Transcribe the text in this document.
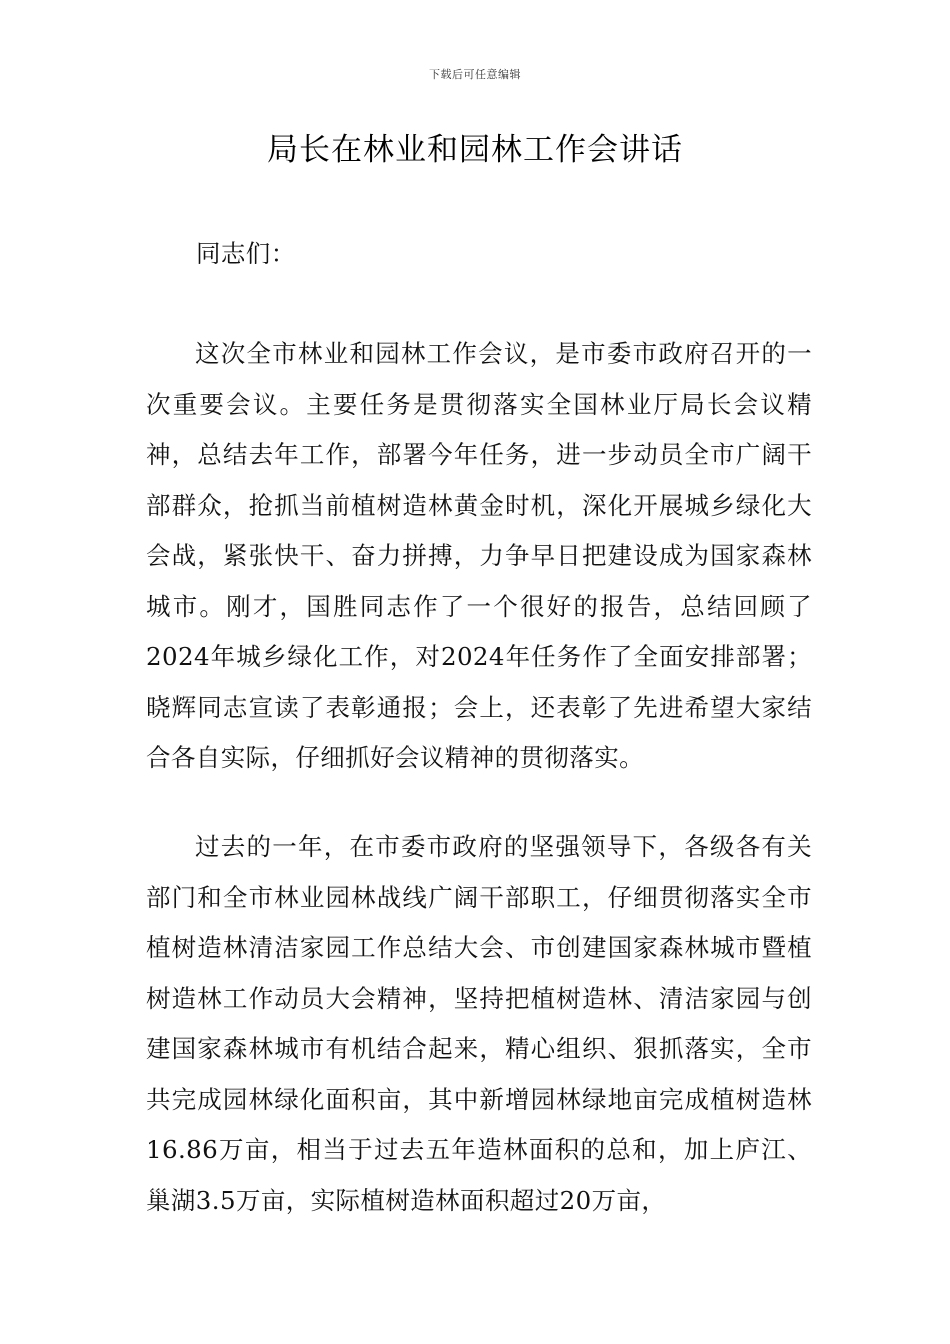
下载后可任意编辑
局长在林业和园林工作会讲话
同志们：
这次全市林业和园林工作会议，是市委市政府召开的一次重要会议。主要任务是贯彻落实全国林业厅局长会议精神，总结去年工作，部署今年任务，进一步动员全市广阔干部群众，抢抓当前植树造林黄金时机，深化开展城乡绿化大会战，紧张快干、奋力拼搏，力争早日把建设成为国家森林城市。刚才，国胜同志作了一个很好的报告，总结回顾了2024年城乡绿化工作，对2024年任务作了全面安排部署；晓辉同志宣读了表彰通报；会上，还表彰了先进希望大家结合各自实际，仔细抓好会议精神的贯彻落实。
过去的一年，在市委市政府的坚强领导下，各级各有关部门和全市林业园林战线广阔干部职工，仔细贯彻落实全市植树造林清洁家园工作总结大会、市创建国家森林城市暨植树造林工作动员大会精神，坚持把植树造林、清洁家园与创建国家森林城市有机结合起来，精心组织、狠抓落实，全市共完成园林绿化面积亩，其中新增园林绿地亩完成植树造林16.86万亩，相当于过去五年造林面积的总和，加上庐江、巢湖3.5万亩，实际植树造林面积超过20万亩，
